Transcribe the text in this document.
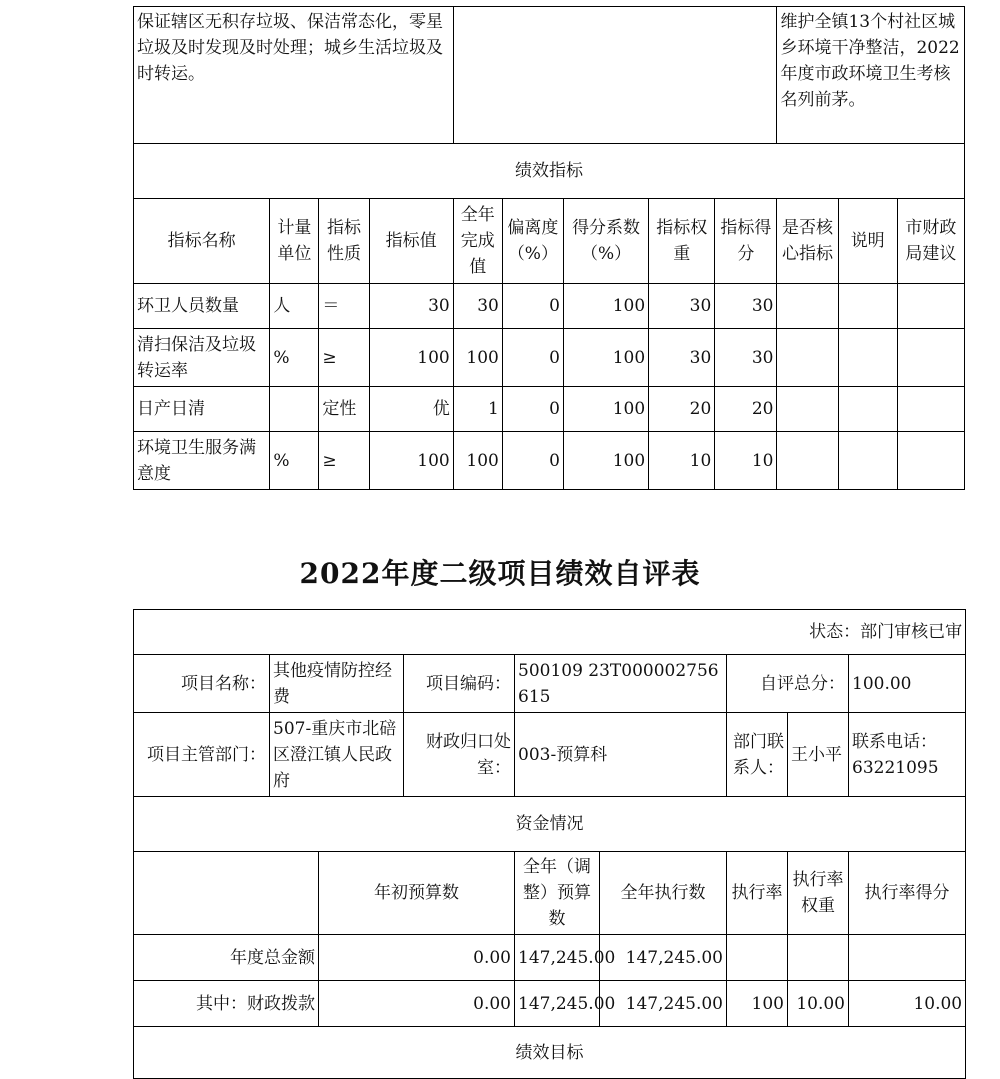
保证辖区无积存垃圾、保洁常态化，零星垃圾及时发现及时处理；城乡生活垃圾及时转运。									维护全镇13个村社区城乡环境干净整洁，2022年度市政环境卫生考核名列前茅。		
绩效指标											
指标名称	计量单位	指标性质	指标值	全年完成值	偏离度（%）	得分系数（%）	指标权重	指标得分	是否核心指标	说明	市财政局建议
环卫人员数量	人	＝	30	30	0	100	30	30			
清扫保洁及垃圾转运率	%	≥	100	100	0	100	30	30			
日产日清		定性	优	1	0	100	20	20			
环境卫生服务满意度	%	≥	100	100	0	100	10	10			
2022年度二级项目绩效自评表
状态：部门审核已审								
项目名称：	其他疫情防控经费		项目编码：	500109 23T000002756615		自评总分：		100.00
项目主管部门：	507-重庆市北碚区澄江镇人民政府		财政归口处室：	003-预算科		部门联系人：	王小平	联系电话： 63221095
资金情况								
		年初预算数		全年（调整）预算数	全年执行数	执行率	执行率权重	执行率得分
年度总金额		0.00		147,245.00	147,245.00			
其中：财政拨款		0.00		147,245.00	147,245.00	100	10.00	10.00
绩效目标								
